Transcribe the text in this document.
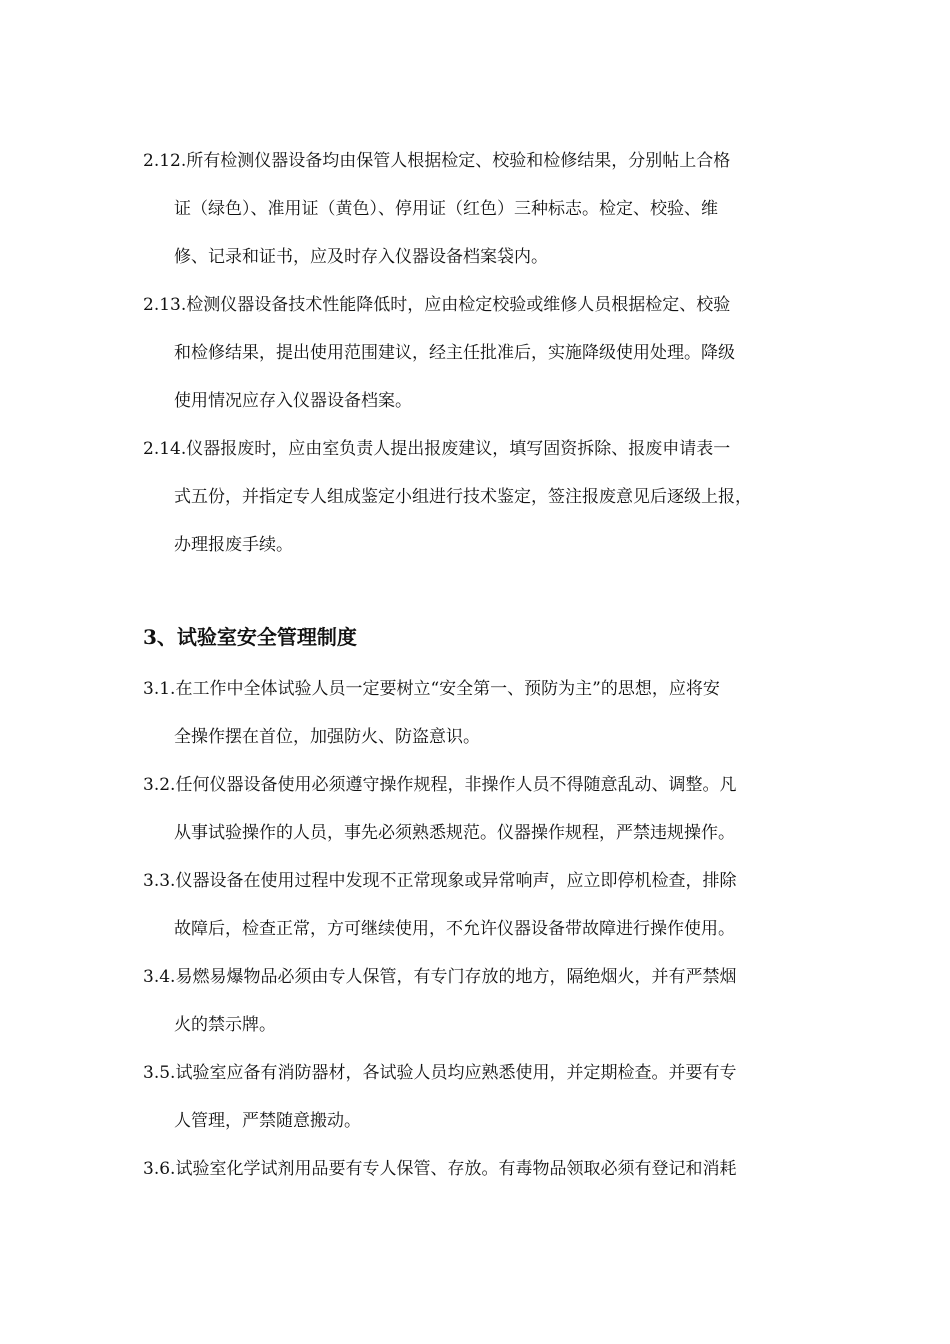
2.12.所有检测仪器设备均由保管人根据检定、校验和检修结果，分别帖上合格
证（绿色）、准用证（黄色）、停用证（红色）三种标志。检定、校验、维
修、记录和证书，应及时存入仪器设备档案袋内。
2.13.检测仪器设备技术性能降低时，应由检定校验或维修人员根据检定、校验
和检修结果，提出使用范围建议，经主任批准后，实施降级使用处理。降级
使用情况应存入仪器设备档案。
2.14.仪器报废时，应由室负责人提出报废建议，填写固资拆除、报废申请表一
式五份，并指定专人组成鉴定小组进行技术鉴定，签注报废意见后逐级上报，
办理报废手续。
3、试验室安全管理制度
3.1.在工作中全体试验人员一定要树立“安全第一、预防为主”的思想，应将安
全操作摆在首位，加强防火、防盗意识。
3.2.任何仪器设备使用必须遵守操作规程，非操作人员不得随意乱动、调整。凡
从事试验操作的人员，事先必须熟悉规范。仪器操作规程，严禁违规操作。
3.3.仪器设备在使用过程中发现不正常现象或异常响声，应立即停机检查，排除
故障后，检查正常，方可继续使用，不允许仪器设备带故障进行操作使用。
3.4.易燃易爆物品必须由专人保管，有专门存放的地方，隔绝烟火，并有严禁烟
火的禁示牌。
3.5.试验室应备有消防器材，各试验人员均应熟悉使用，并定期检查。并要有专
人管理，严禁随意搬动。
3.6.试验室化学试剂用品要有专人保管、存放。有毒物品领取必须有登记和消耗
